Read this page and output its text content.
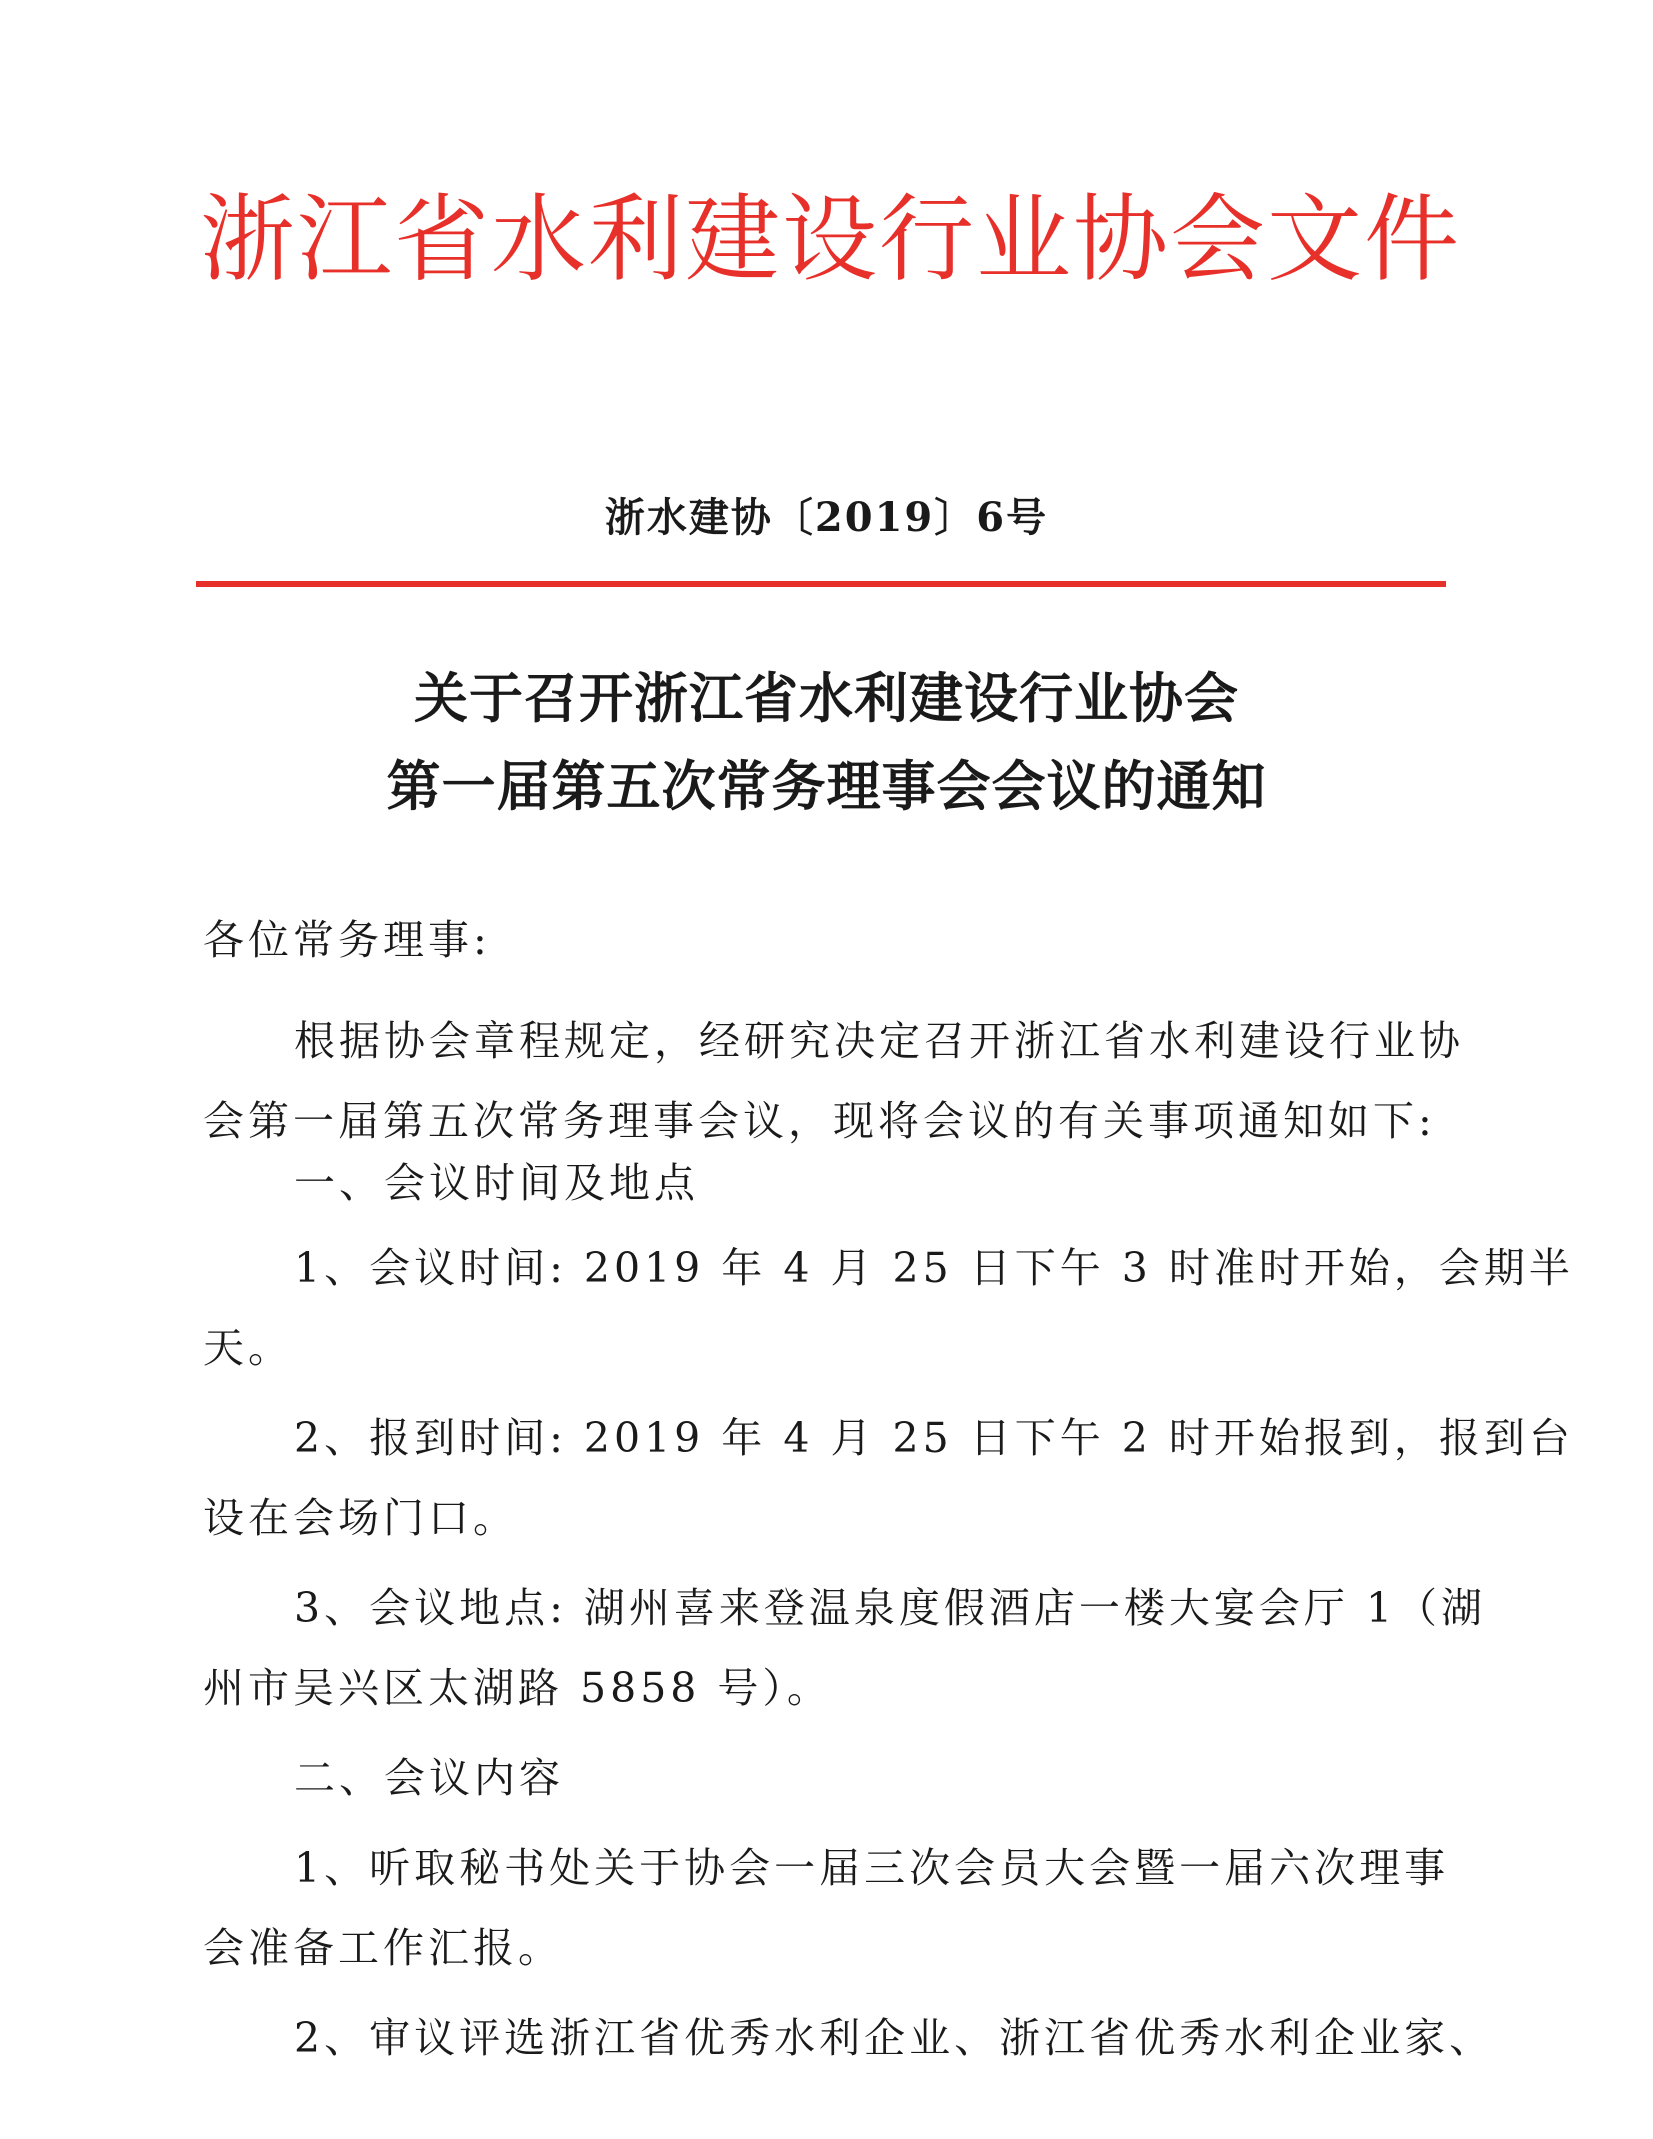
浙江省水利建设行业协会文件
浙水建协〔2019〕6号
关于召开浙江省水利建设行业协会
第一届第五次常务理事会会议的通知

各位常务理事:

根据协会章程规定，经研究决定召开浙江省水利建设行业协

会第一届第五次常务理事会议，现将会议的有关事项通知如下:

一、会议时间及地点

1、会议时间: 2019 年 4 月 25 日下午 3 时准时开始，会期半

天。

2、报到时间: 2019 年 4 月 25 日下午 2 时开始报到，报到台

设在会场门口。

3、会议地点: 湖州喜来登温泉度假酒店一楼大宴会厅 1（湖

州市吴兴区太湖路 5858 号）。

二、会议内容

1、听取秘书处关于协会一届三次会员大会暨一届六次理事

会准备工作汇报。

2、审议评选浙江省优秀水利企业、浙江省优秀水利企业家、
